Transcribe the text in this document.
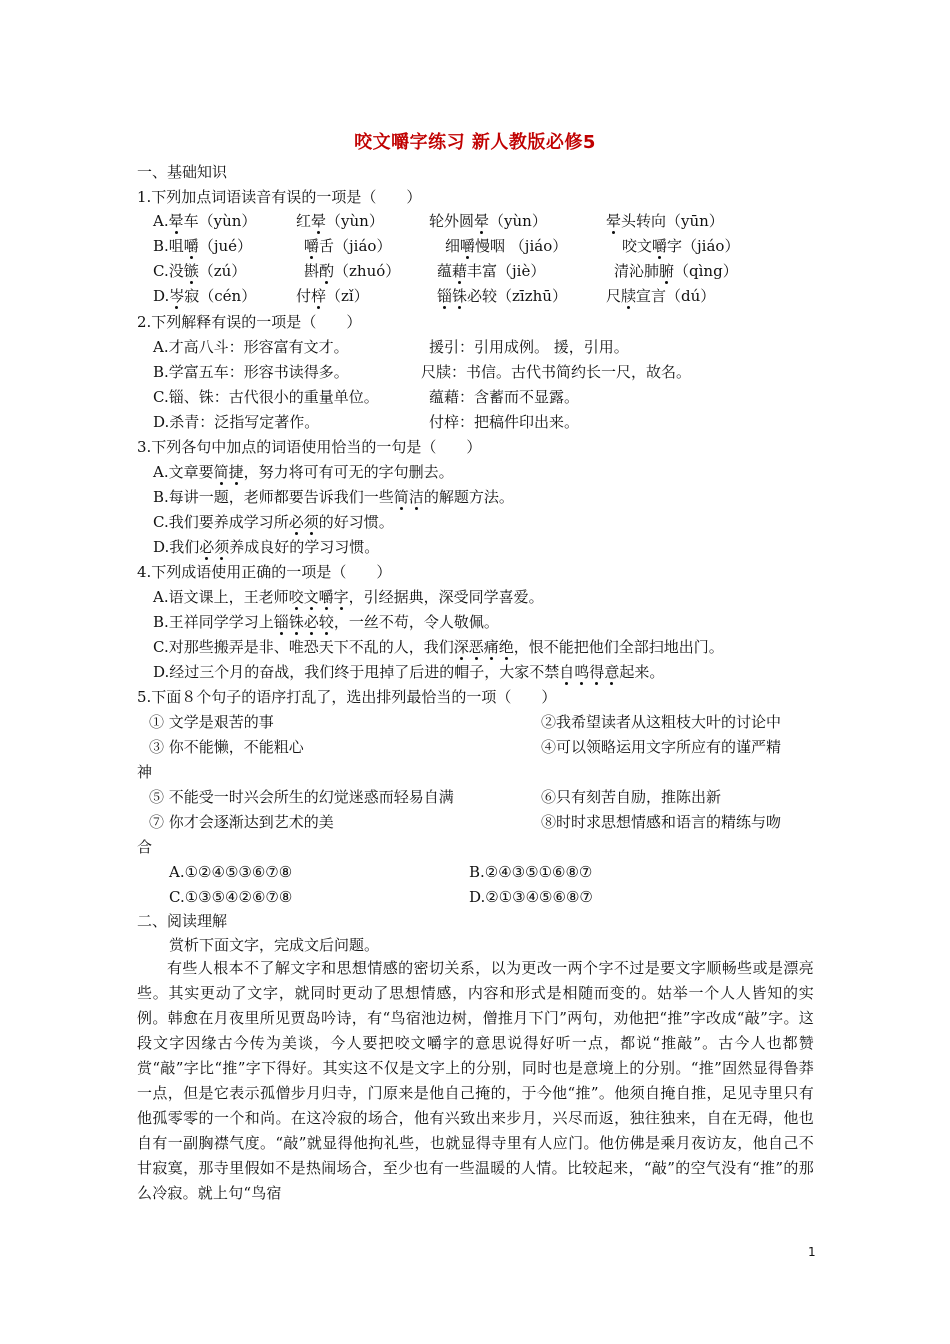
咬文嚼字练习 新人教版必修5
一、基础知识
1.下列加点词语读音有误的一项是（　　）
A.晕车（yùn）	红晕（yùn）	轮外圆晕（yùn）	晕头转向（yūn）
B.咀嚼（jué）	嚼舌（jiáo）	细嚼慢咽 （jiáo）	咬文嚼字（jiáo）
C.没镞（zú）	斟酌（zhuó） 蕴藉丰富（jiè）	清沁肺腑（qìng）
D.岑寂（cén）	付梓（zǐ）	锱铢必较（zīzhū）	尺牍宣言（dú）
2.下列解释有误的一项是（　　）
A.才高八斗：形容富有文才。	援引：引用成例。 援，引用。
B.学富五车：形容书读得多。	尺牍：书信。古代书简约长一尺，故名。
C.锱、铢：古代很小的重量单位。	蕴藉：含蓄而不显露。
D.杀青：泛指写定著作。	付梓：把稿件印出来。
3.下列各句中加点的词语使用恰当的一句是（　　）
A.文章要简捷，努力将可有可无的字句删去。
B.每讲一题，老师都要告诉我们一些简洁的解题方法。
C.我们要养成学习所必须的好习惯。
D.我们必须养成良好的学习习惯。
4.下列成语使用正确的一项是（　　）
A.语文课上，王老师咬文嚼字，引经据典，深受同学喜爱。
B.王祥同学学习上锱铢必较，一丝不苟，令人敬佩。
C.对那些搬弄是非、唯恐天下不乱的人，我们深恶痛绝，恨不能把他们全部扫地出门。
D.经过三个月的奋战，我们终于甩掉了后进的帽子，大家不禁自鸣得意起来。
5.下面８个句子的语序打乱了，选出排列最恰当的一项（　　）
① 文学是艰苦的事	②我希望读者从这粗枝大叶的讨论中
③ 你不能懒，不能粗心	④可以领略运用文字所应有的谨严精
神
⑤ 不能受一时兴会所生的幻觉迷惑而轻易自满	⑥只有刻苦自励，推陈出新
⑦ 你才会逐渐达到艺术的美	⑧时时求思想情感和语言的精练与吻
合
A.①②④⑤③⑥⑦⑧	B.②④③⑤①⑥⑧⑦
C.①③⑤④②⑥⑦⑧	D.②①③④⑤⑥⑧⑦
二、阅读理解
赏析下面文字，完成文后问题。
有些人根本不了解文字和思想情感的密切关系，以为更改一两个字不过是要文字顺畅些或是漂亮些。其实更动了文字，就同时更动了思想情感，内容和形式是相随而变的。姑举一个人人皆知的实例。韩愈在月夜里所见贾岛吟诗，有“鸟宿池边树，僧推月下门”两句，劝他把“推”字改成“敲”字。这段文字因缘古今传为美谈，今人要把咬文嚼字的意思说得好听一点，都说“推敲”。古今人也都赞赏“敲”字比“推”字下得好。其实这不仅是文字上的分别，同时也是意境上的分别。“推”固然显得鲁莽一点，但是它表示孤僧步月归寺，门原来是他自己掩的，于今他“推”。他须自掩自推，足见寺里只有他孤零零的一个和尚。在这冷寂的场合，他有兴致出来步月，兴尽而返，独往独来，自在无碍，他也自有一副胸襟气度。“敲”就显得他拘礼些，也就显得寺里有人应门。他仿佛是乘月夜访友，他自己不甘寂寞，那寺里假如不是热闹场合，至少也有一些温暖的人情。比较起来，“敲”的空气没有“推”的那么冷寂。就上句“鸟宿
1
